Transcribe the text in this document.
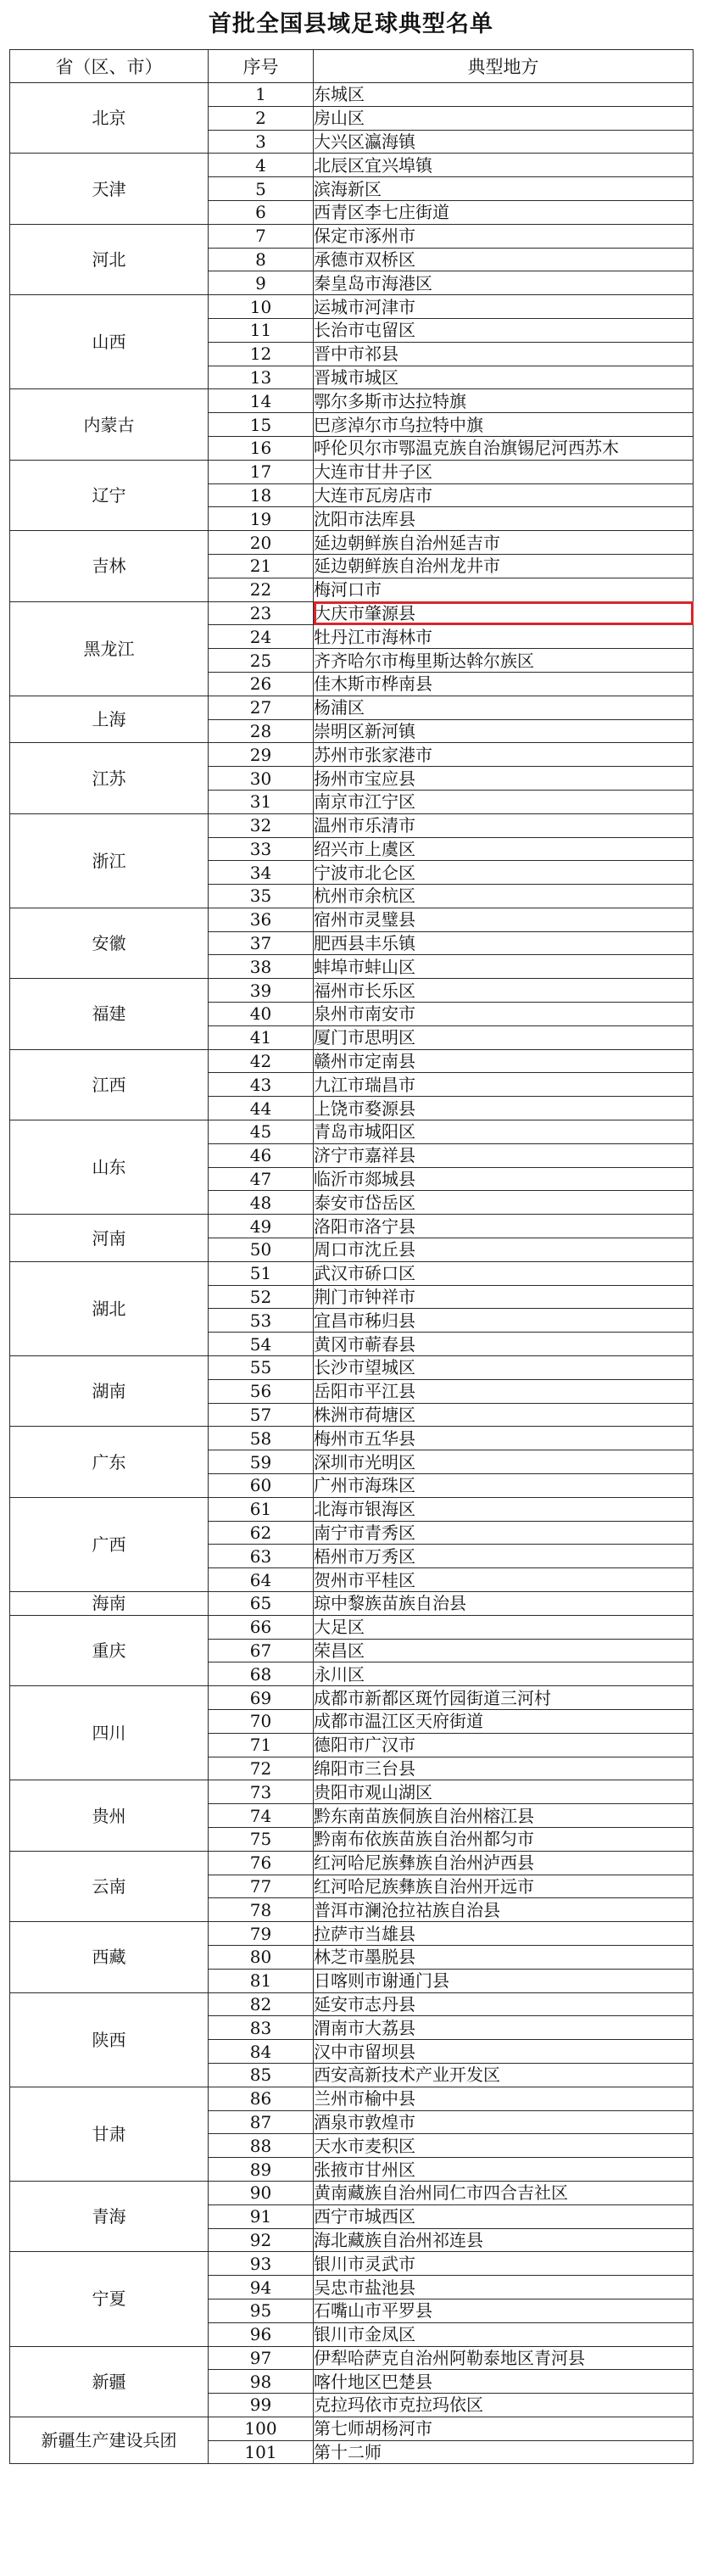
首批全国县域足球典型名单
省（区、市）	序号	典型地方
北京	1	东城区
	2	房山区
	3	大兴区瀛海镇
天津	4	北辰区宜兴埠镇
	5	滨海新区
	6	西青区李七庄街道
河北	7	保定市涿州市
	8	承德市双桥区
	9	秦皇岛市海港区
山西	10	运城市河津市
	11	长治市屯留区
	12	晋中市祁县
	13	晋城市城区
内蒙古	14	鄂尔多斯市达拉特旗
	15	巴彦淖尔市乌拉特中旗
	16	呼伦贝尔市鄂温克族自治旗锡尼河西苏木
辽宁	17	大连市甘井子区
	18	大连市瓦房店市
	19	沈阳市法库县
吉林	20	延边朝鲜族自治州延吉市
	21	延边朝鲜族自治州龙井市
	22	梅河口市
黑龙江	23	大庆市肇源县
	24	牡丹江市海林市
	25	齐齐哈尔市梅里斯达斡尔族区
	26	佳木斯市桦南县
上海	27	杨浦区
	28	崇明区新河镇
江苏	29	苏州市张家港市
	30	扬州市宝应县
	31	南京市江宁区
浙江	32	温州市乐清市
	33	绍兴市上虞区
	34	宁波市北仑区
	35	杭州市余杭区
安徽	36	宿州市灵璧县
	37	肥西县丰乐镇
	38	蚌埠市蚌山区
福建	39	福州市长乐区
	40	泉州市南安市
	41	厦门市思明区
江西	42	赣州市定南县
	43	九江市瑞昌市
	44	上饶市婺源县
山东	45	青岛市城阳区
	46	济宁市嘉祥县
	47	临沂市郯城县
	48	泰安市岱岳区
河南	49	洛阳市洛宁县
	50	周口市沈丘县
湖北	51	武汉市硚口区
	52	荆门市钟祥市
	53	宜昌市秭归县
	54	黄冈市蕲春县
湖南	55	长沙市望城区
	56	岳阳市平江县
	57	株洲市荷塘区
广东	58	梅州市五华县
	59	深圳市光明区
	60	广州市海珠区
广西	61	北海市银海区
	62	南宁市青秀区
	63	梧州市万秀区
	64	贺州市平桂区
海南	65	琼中黎族苗族自治县
重庆	66	大足区
	67	荣昌区
	68	永川区
四川	69	成都市新都区斑竹园街道三河村
	70	成都市温江区天府街道
	71	德阳市广汉市
	72	绵阳市三台县
贵州	73	贵阳市观山湖区
	74	黔东南苗族侗族自治州榕江县
	75	黔南布依族苗族自治州都匀市
云南	76	红河哈尼族彝族自治州泸西县
	77	红河哈尼族彝族自治州开远市
	78	普洱市澜沧拉祜族自治县
西藏	79	拉萨市当雄县
	80	林芝市墨脱县
	81	日喀则市谢通门县
陕西	82	延安市志丹县
	83	渭南市大荔县
	84	汉中市留坝县
	85	西安高新技术产业开发区
甘肃	86	兰州市榆中县
	87	酒泉市敦煌市
	88	天水市麦积区
	89	张掖市甘州区
青海	90	黄南藏族自治州同仁市四合吉社区
	91	西宁市城西区
	92	海北藏族自治州祁连县
宁夏	93	银川市灵武市
	94	吴忠市盐池县
	95	石嘴山市平罗县
	96	银川市金凤区
新疆	97	伊犁哈萨克自治州阿勒泰地区青河县
	98	喀什地区巴楚县
	99	克拉玛依市克拉玛依区
新疆生产建设兵团	100	第七师胡杨河市
	101	第十二师
